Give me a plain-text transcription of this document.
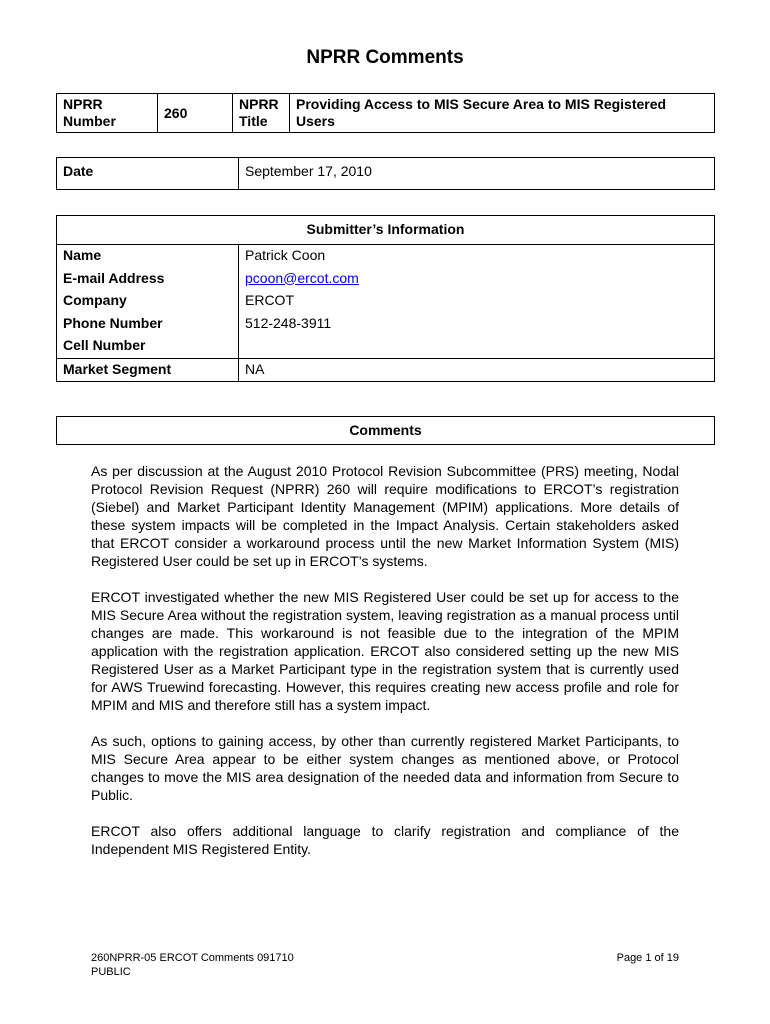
NPRR Comments
NPRR Number	260	NPRR Title	Providing Access to MIS Secure Area to MIS Registered Users
Date	September 17, 2010
Submitter’s Information	
Name	Patrick Coon
E-mail Address	pcoon@ercot.com
Company	ERCOT
Phone Number	512-248-3911
Cell Number	
Market Segment	NA
Comments

As per discussion at the August 2010 Protocol Revision Subcommittee (PRS) meeting, Nodal Protocol Revision Request (NPRR) 260 will require modifications to ERCOT’s registration (Siebel) and Market Participant Identity Management (MPIM) applications. More details of these system impacts will be completed in the Impact Analysis. Certain stakeholders asked that ERCOT consider a workaround process until the new Market Information System (MIS) Registered User could be set up in ERCOT’s systems.

ERCOT investigated whether the new MIS Registered User could be set up for access to the MIS Secure Area without the registration system, leaving registration as a manual process until changes are made. This workaround is not feasible due to the integration of the MPIM application with the registration application. ERCOT also considered setting up the new MIS Registered User as a Market Participant type in the registration system that is currently used for AWS Truewind forecasting. However, this requires creating new access profile and role for MPIM and MIS and therefore still has a system impact.

As such, options to gaining access, by other than currently registered Market Participants, to MIS Secure Area appear to be either system changes as mentioned above, or Protocol changes to move the MIS area designation of the needed data and information from Secure to Public.

ERCOT also offers additional language to clarify registration and compliance of the Independent MIS Registered Entity.

260NPRR-05 ERCOT Comments 091710
PUBLIC
Page 1 of 19
